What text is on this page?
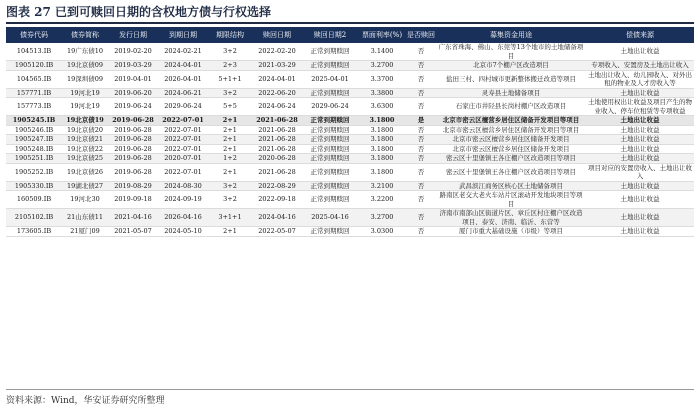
图表 27 已到可赎回日期的含权地方债与行权选择
债券代码	债券简称	发行日期	到期日期	期限结构	赎回日期	赎回日期2	票面利率(%)	是否赎回	募集资金用途	偿债来源
104513.IB	19广东债10	2019-02-20	2024-02-21	3+2	2022-02-20	正常到期赎回	3.1400	否	广东省珠海、佛山、东莞等13个地市的土地储备项目	土地出让收益
1905120.IB	19北京债09	2019-03-29	2024-04-01	2+3	2021-03-29	正常到期赎回	3.2700	否	北京市7个棚户区改造项目	专项收入、安置房及土地出让收入
104565.IB	19深圳债09	2019-04-01	2026-04-01	5+1+1	2024-04-01	2025-04-01	3.3700	否	盐田三村、四村城市更新整体搬迁改造等项目	土地出让收入、幼儿园收入、对外出租的物业及人才房收入等
157771.IB	19河北19	2019-06-20	2024-06-21	3+2	2022-06-20	正常到期赎回	3.3800	否	灵寿县土地储备项目	土地出让收益
157773.IB	19河北19	2019-06-24	2029-06-24	5+5	2024-06-24	2029-06-24	3.6300	否	石家庄市井陉县长岗村棚户区改造项目	土地使用权出让收益及项目产生的物业收入、停车位租赁等专项收益
1905245.IB	19北京债19	2019-06-28	2022-07-01	2+1	2021-06-28	正常到期赎回	3.1800	是	北京市密云区檀营乡居住区储备开发项目等项目	土地出让收益
1905246.IB	19北京债20	2019-06-28	2022-07-01	2+1	2021-06-28	正常到期赎回	3.1800	否	北京市密云区檀营乡居住区储备开发项目等项目	土地出让收益
1905247.IB	19北京债21	2019-06-28	2022-07-01	2+1	2021-06-28	正常到期赎回	3.1800	否	北京市密云区檀营乡居住区储备开发项目	土地出让收益
1905248.IB	19北京债22	2019-06-28	2022-07-01	2+1	2021-06-28	正常到期赎回	3.1800	否	北京市密云区檀营乡居住区储备开发项目	土地出让收益
1905251.IB	19北京债25	2019-06-28	2020-07-01	1+2	2020-06-28	正常到期赎回	3.1800	否	密云区十里堡镇王各庄棚户区改造项目等项目	土地出让收益
1905252.IB	19北京债26	2019-06-28	2022-07-01	2+1	2021-06-28	正常到期赎回	3.1800	否	密云区十里堡镇王各庄棚户区改造项目等项目	项目对应的安置房收入、土地出让收入
1905330.IB	19湖北债27	2019-08-29	2024-08-30	3+2	2022-08-29	正常到期赎回	3.2100	否	武昌滨江商务区核心区土地储备项目	土地出让收益
160509.IB	19河北30	2019-09-18	2024-09-19	3+2	2022-09-18	正常到期赎回	3.2200	否	路南区老交大老火车站片区滚动开发地块项目等项目	土地出让收益
2105102.IB	21山东债11	2021-04-16	2026-04-16	3+1+1	2024-04-16	2025-04-16	3.2700	否	济南市南部山区街道片区、章丘区村庄棚户区改造项目、泰安、济南、临沂、东营等	土地出让收益
173605.IB	21厦门09	2021-05-07	2024-05-10	2+1	2022-05-07	正常到期赎回	3.0300	否	厦门市重大基础设施（市级）等项目	土地出让收益
资料来源：Wind，华安证券研究所整理
